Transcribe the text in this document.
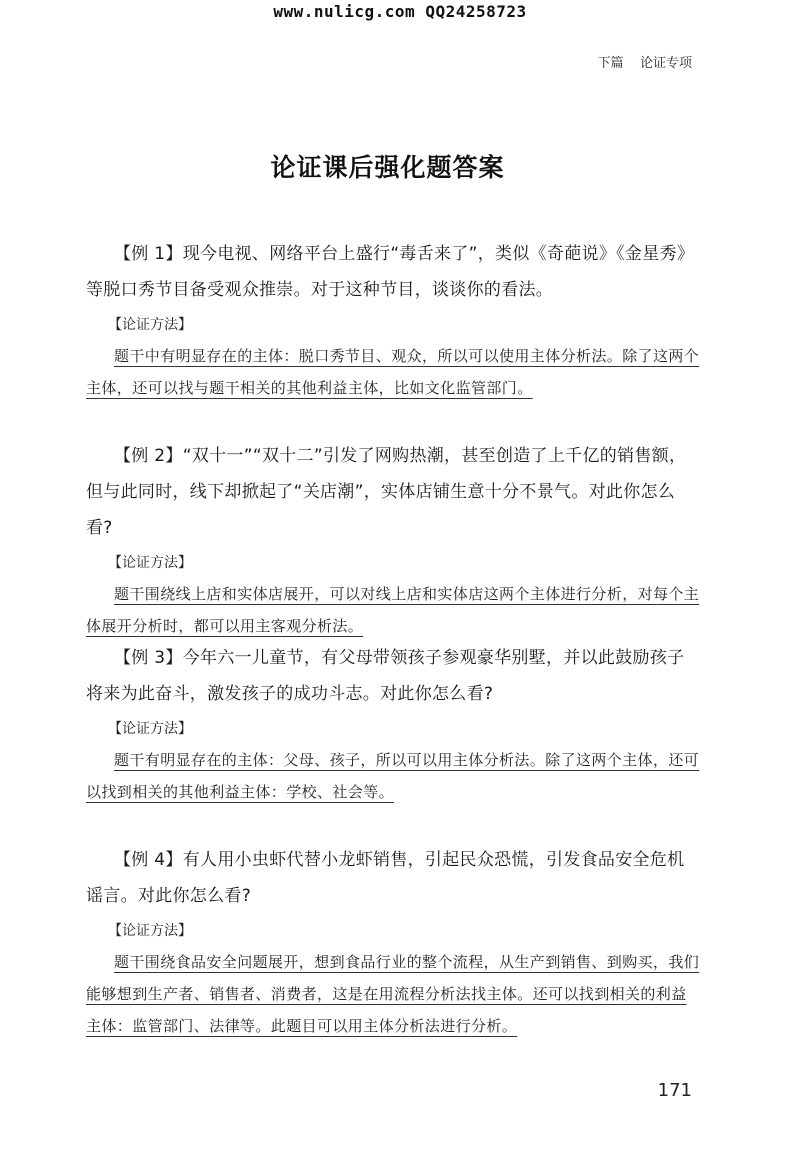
www.nulicg.com QQ24258723
下篇    论证专项
论证课后强化题答案

【例 1】现今电视、网络平台上盛行“毒舌来了”，类似《奇葩说》《金星秀》等脱口秀节目备受观众推崇。对于这种节目，谈谈你的看法。

【论证方法】

题干中有明显存在的主体：脱口秀节目、观众，所以可以使用主体分析法。除了这两个主体，还可以找与题干相关的其他利益主体，比如文化监管部门。

【例 2】“双十一”“双十二”引发了网购热潮，甚至创造了上千亿的销售额，但与此同时，线下却掀起了“关店潮”，实体店铺生意十分不景气。对此你怎么看?

【论证方法】

题干围绕线上店和实体店展开，可以对线上店和实体店这两个主体进行分析，对每个主体展开分析时，都可以用主客观分析法。

【例 3】今年六一儿童节，有父母带领孩子参观豪华别墅，并以此鼓励孩子将来为此奋斗，激发孩子的成功斗志。对此你怎么看?

【论证方法】

题干有明显存在的主体：父母、孩子，所以可以用主体分析法。除了这两个主体，还可以找到相关的其他利益主体：学校、社会等。

【例 4】有人用小虫虾代替小龙虾销售，引起民众恐慌，引发食品安全危机谣言。对此你怎么看?

【论证方法】

题干围绕食品安全问题展开，想到食品行业的整个流程，从生产到销售、到购买，我们能够想到生产者、销售者、消费者，这是在用流程分析法找主体。还可以找到相关的利益主体：监管部门、法律等。此题目可以用主体分析法进行分析。

171
